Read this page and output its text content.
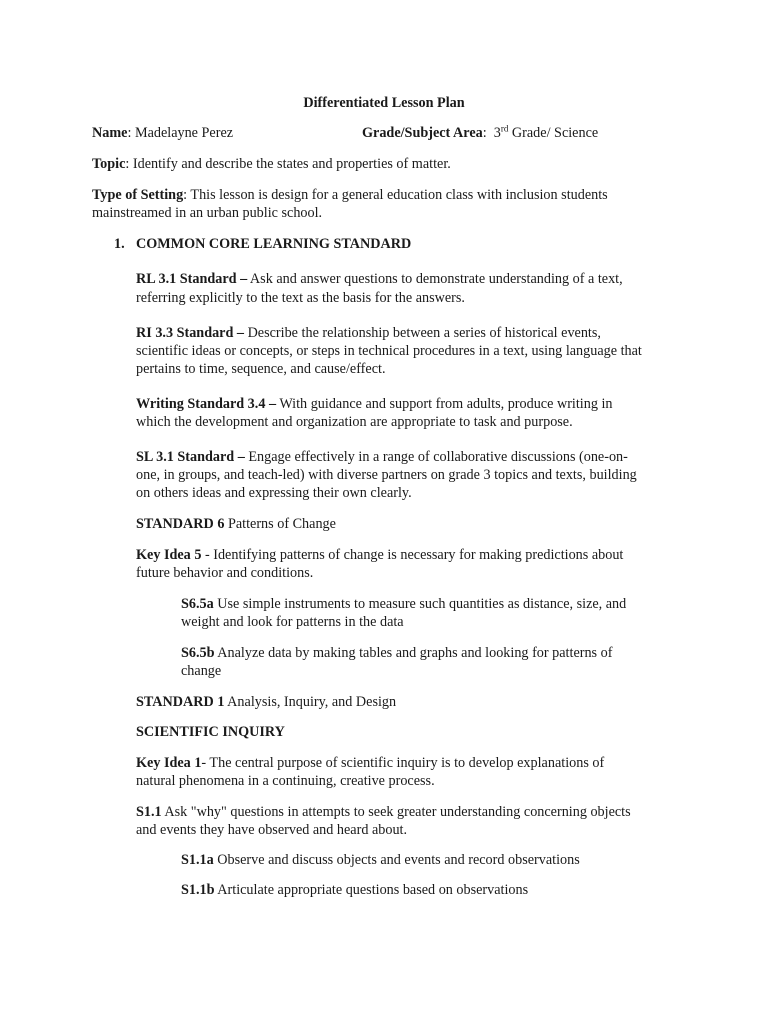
Differentiated Lesson Plan
Name: Madelayne Perez	Grade/Subject Area: 3rd Grade/ Science
Topic: Identify and describe the states and properties of matter.
Type of Setting: This lesson is design for a general education class with inclusion students
mainstreamed in an urban public school.
1. COMMON CORE LEARNING STANDARD
RL 3.1 Standard – Ask and answer questions to demonstrate understanding of a text,
referring explicitly to the text as the basis for the answers.
RI 3.3 Standard – Describe the relationship between a series of historical events,
scientific ideas or concepts, or steps in technical procedures in a text, using language that
pertains to time, sequence, and cause/effect.
Writing Standard 3.4 – With guidance and support from adults, produce writing in
which the development and organization are appropriate to task and purpose.
SL 3.1 Standard – Engage effectively in a range of collaborative discussions (one-on-
one, in groups, and teach-led) with diverse partners on grade 3 topics and texts, building
on others ideas and expressing their own clearly.
STANDARD 6 Patterns of Change
Key Idea 5 - Identifying patterns of change is necessary for making predictions about
future behavior and conditions.
S6.5a Use simple instruments to measure such quantities as distance, size, and
weight and look for patterns in the data
S6.5b Analyze data by making tables and graphs and looking for patterns of
change
STANDARD 1 Analysis, Inquiry, and Design
SCIENTIFIC INQUIRY
Key Idea 1- The central purpose of scientific inquiry is to develop explanations of
natural phenomena in a continuing, creative process.
S1.1 Ask "why" questions in attempts to seek greater understanding concerning objects
and events they have observed and heard about.
S1.1a Observe and discuss objects and events and record observations
S1.1b Articulate appropriate questions based on observations
